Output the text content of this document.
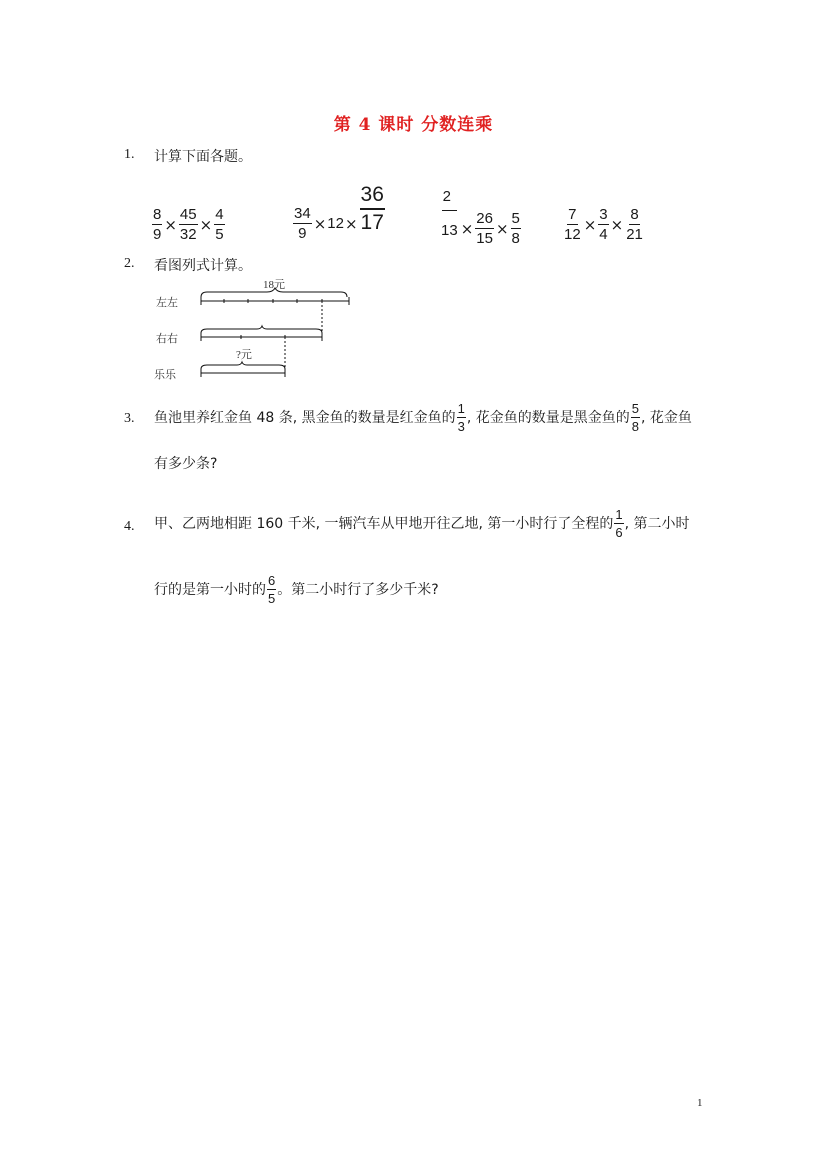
第 4 课时 分数连乘
1. 计算下面各题。
$\frac{8}{9} \times \frac{45}{32} \times \frac{4}{5}$	$\frac{34}{9} \times 12 \times \frac{36}{17}$	$\frac{2}{13} \times \frac{26}{15} \times \frac{5}{8}$	$\frac{7}{12} \times \frac{3}{4} \times \frac{8}{21}$
2. 看图列式计算。
左左
右右
乐乐
18元
?元
3. 鱼池里养红金鱼 48 条, 黑金鱼的数量是红金鱼的 $\frac{1}{3}$ , 花金鱼的数量是黑金鱼的 $\frac{5}{8}$ , 花金鱼
有多少条?
4. 甲、乙两地相距 160 千米, 一辆汽车从甲地开往乙地, 第一小时行了全程的 $\frac{1}{6}$ , 第二小时
行的是第一小时的 $\frac{6}{5}$ 。第二小时行了多少千米?
1
